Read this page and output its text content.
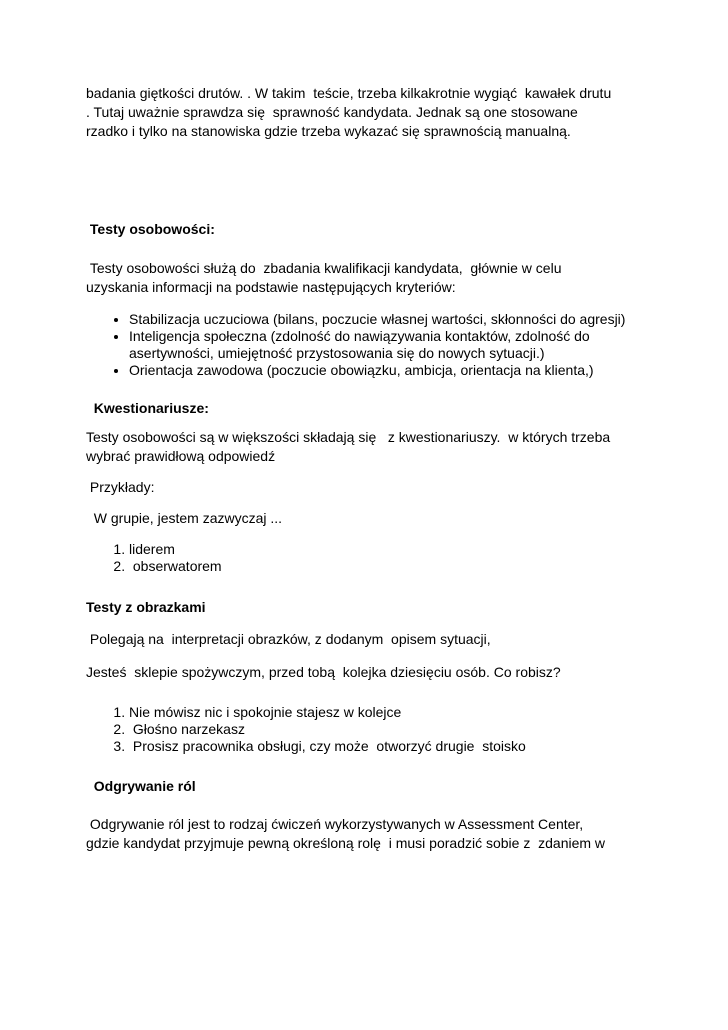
badania giętkości drutów. . W takim  teście, trzeba kilkakrotnie wygiąć  kawałek drutu

. Tutaj uważnie sprawdza się  sprawność kandydata. Jednak są one stosowane

rzadko i tylko na stanowiska gdzie trzeba wykazać się sprawnością manualną.

Testy osobowości:

Testy osobowości służą do  zbadania kwalifikacji kandydata,  głównie w celu

uzyskania informacji na podstawie następujących kryteriów:

• Stabilizacja uczuciowa (bilans, poczucie własnej wartości, skłonności do agresji)
• Inteligencja społeczna (zdolność do nawiązywania kontaktów, zdolność do asertywności, umiejętność przystosowania się do nowych sytuacji.)
• Orientacja zawodowa (poczucie obowiązku, ambicja, orientacja na klienta,)

Kwestionariusze:

Testy osobowości są w większości składają się   z kwestionariuszy.  w których trzeba

wybrać prawidłową odpowiedź

Przykłady:

W grupie, jestem zazwyczaj ...

1. liderem
2.  obserwatorem

Testy z obrazkami

Polegają na  interpretacji obrazków, z dodanym  opisem sytuacji,

Jesteś  sklepie spożywczym, przed tobą  kolejka dziesięciu osób. Co robisz?

1. Nie mówisz nic i spokojnie stajesz w kolejce
2.  Głośno narzekasz
3.  Prosisz pracownika obsługi, czy może  otworzyć drugie  stoisko

Odgrywanie ról

Odgrywanie ról jest to rodzaj ćwiczeń wykorzystywanych w Assessment Center,

gdzie kandydat przyjmuje pewną określoną rolę  i musi poradzić sobie z  zdaniem w
